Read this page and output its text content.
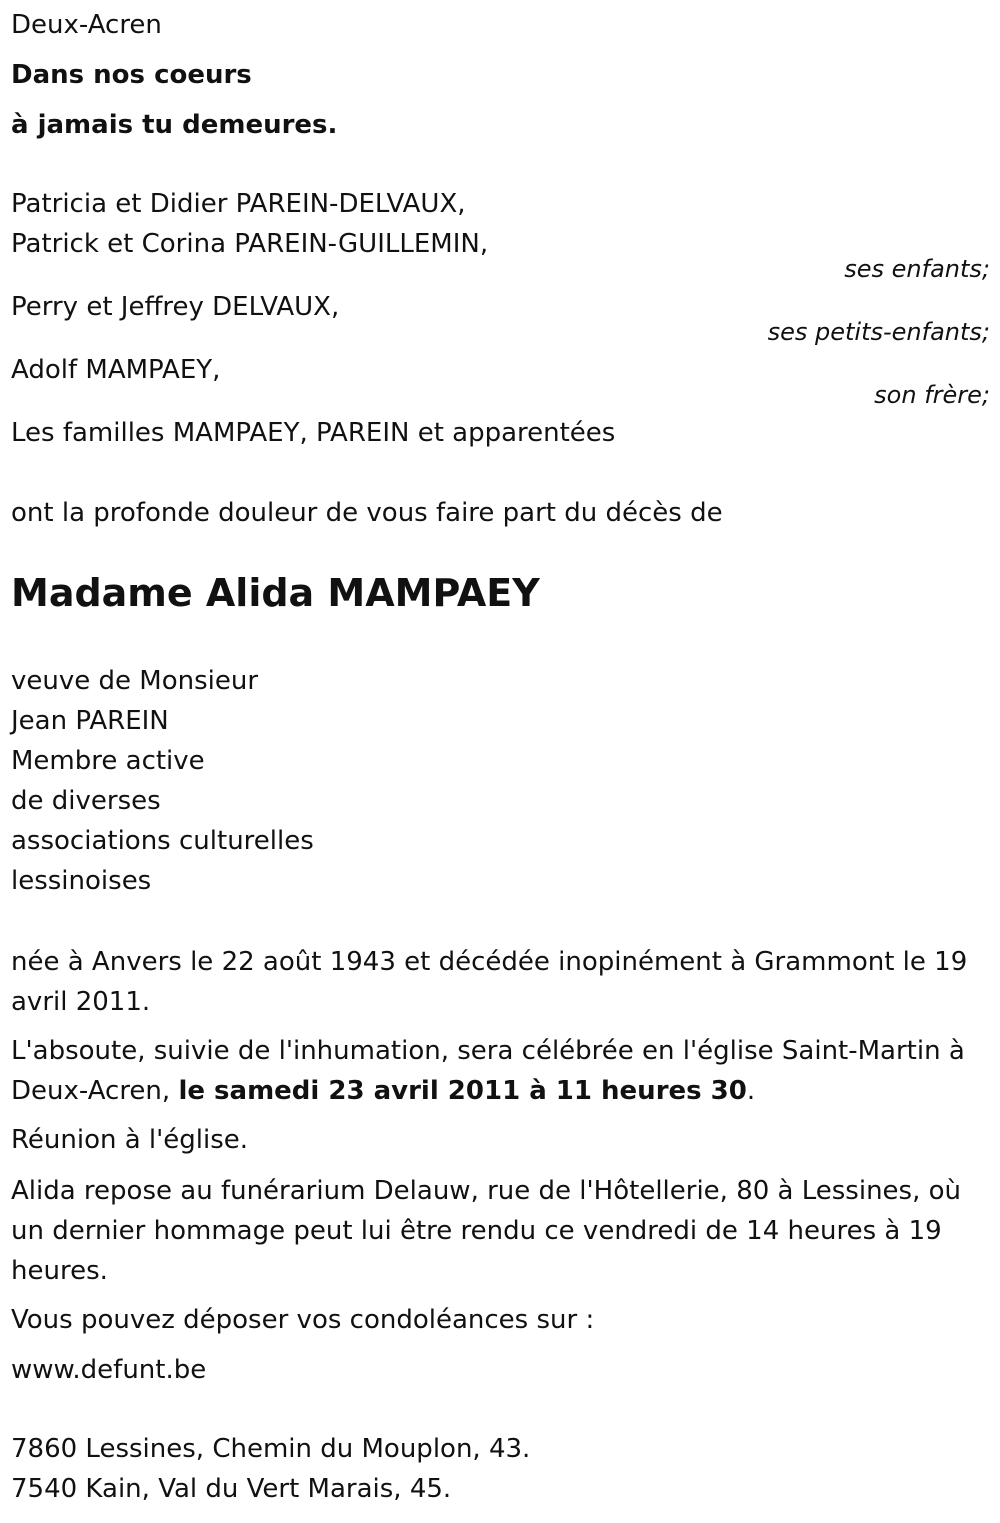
Deux-Acren
Dans nos coeurs
à jamais tu demeures.
Patricia et Didier PAREIN-DELVAUX,
Patrick et Corina PAREIN-GUILLEMIN,
ses enfants;
Perry et Jeffrey DELVAUX,
ses petits-enfants;
Adolf MAMPAEY,
son frère;
Les familles MAMPAEY, PAREIN et apparentées
ont la profonde douleur de vous faire part du décès de
Madame Alida MAMPAEY
veuve de Monsieur
Jean PAREIN
Membre active
de diverses
associations culturelles
lessinoises
née à Anvers le 22 août 1943 et décédée inopinément à Grammont le 19 avril 2011.
L'absoute, suivie de l'inhumation, sera célébrée en l'église Saint-Martin à Deux-Acren, le samedi 23 avril 2011 à 11 heures 30.
Réunion à l'église.
Alida repose au funérarium Delauw, rue de l'Hôtellerie, 80 à Lessines, où un dernier hommage peut lui être rendu ce vendredi de 14 heures à 19 heures.
Vous pouvez déposer vos condoléances sur :
www.defunt.be
7860 Lessines, Chemin du Mouplon, 43.
7540 Kain, Val du Vert Marais, 45.
